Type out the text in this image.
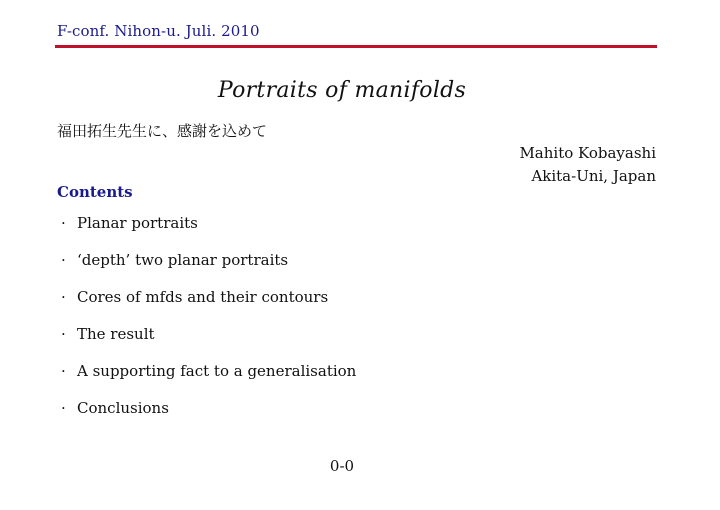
F-conf. Nihon-u. Juli. 2010
Portraits of manifolds
福田拓生先生に、感謝を込めて
Mahito Kobayashi
Akita-Uni, Japan
Contents
· Planar portraits
· ‘depth’ two planar portraits
· Cores of mfds and their contours
· The result
· A supporting fact to a generalisation
· Conclusions
0-0
